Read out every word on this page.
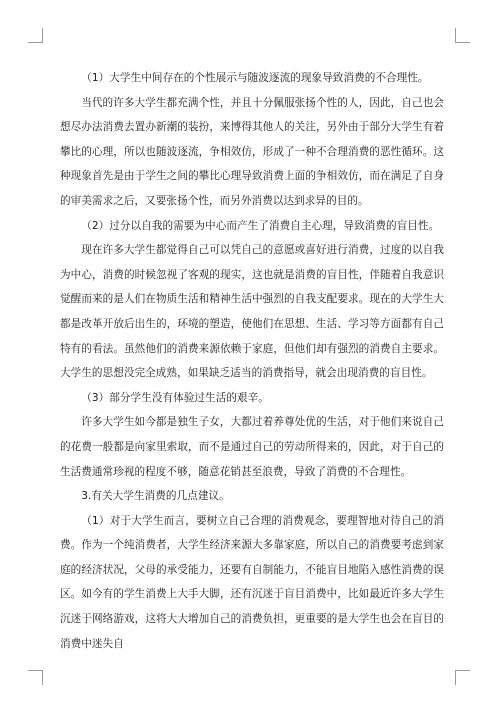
（1）大学生中间存在的个性展示与随波逐流的现象导致消费的不合理性。

当代的许多大学生都充满个性，并且十分佩服张扬个性的人，因此，自己也会想尽办法消费去置办新潮的装扮，来博得其他人的关注，另外由于部分大学生有着攀比的心理，所以也随波逐流，争相效仿，形成了一种不合理消费的恶性循环。这种现象首先是由于学生之间的攀比心理导致消费上面的争相效仿，而在满足了自身的审美需求之后，又要张扬个性，而另外消费以达到求异的目的。

（2）过分以自我的需要为中心而产生了消费自主心理，导致消费的盲目性。

现在许多大学生都觉得自己可以凭自己的意愿或喜好进行消费，过度的以自我为中心，消费的时候忽视了客观的现实，这也就是消费的盲目性，伴随着自我意识觉醒而来的是人们在物质生活和精神生活中强烈的自我支配要求。现在的大学生大都是改革开放后出生的，环境的塑造，使他们在思想、生活、学习等方面都有自己特有的看法。虽然他们的消费来源依赖于家庭，但他们却有强烈的消费自主要求。大学生的思想没完全成熟，如果缺乏适当的消费指导，就会出现消费的盲目性。

（3）部分学生没有体验过生活的艰辛。

许多大学生如今都是独生子女，大都过着养尊处优的生活，对于他们来说自己的花费一般都是向家里索取，而不是通过自己的劳动所得来的，因此，对于自己的生活费通常珍视的程度不够，随意花销甚至浪费，导致了消费的不合理性。

3.有关大学生消费的几点建议。

（1）对于大学生而言，要树立自己合理的消费观念，要理智地对待自己的消费。作为一个纯消费者，大学生经济来源大多靠家庭，所以自己的消费要考虑到家庭的经济状况，父母的承受能力，还要有自制能力，不能盲目地陷入感性消费的误区。如今有的学生消费上大手大脚，还有沉迷于盲目消费中，比如最近许多大学生沉迷于网络游戏，这将大大增加自己的消费负担，更重要的是大学生也会在盲目的消费中迷失自
